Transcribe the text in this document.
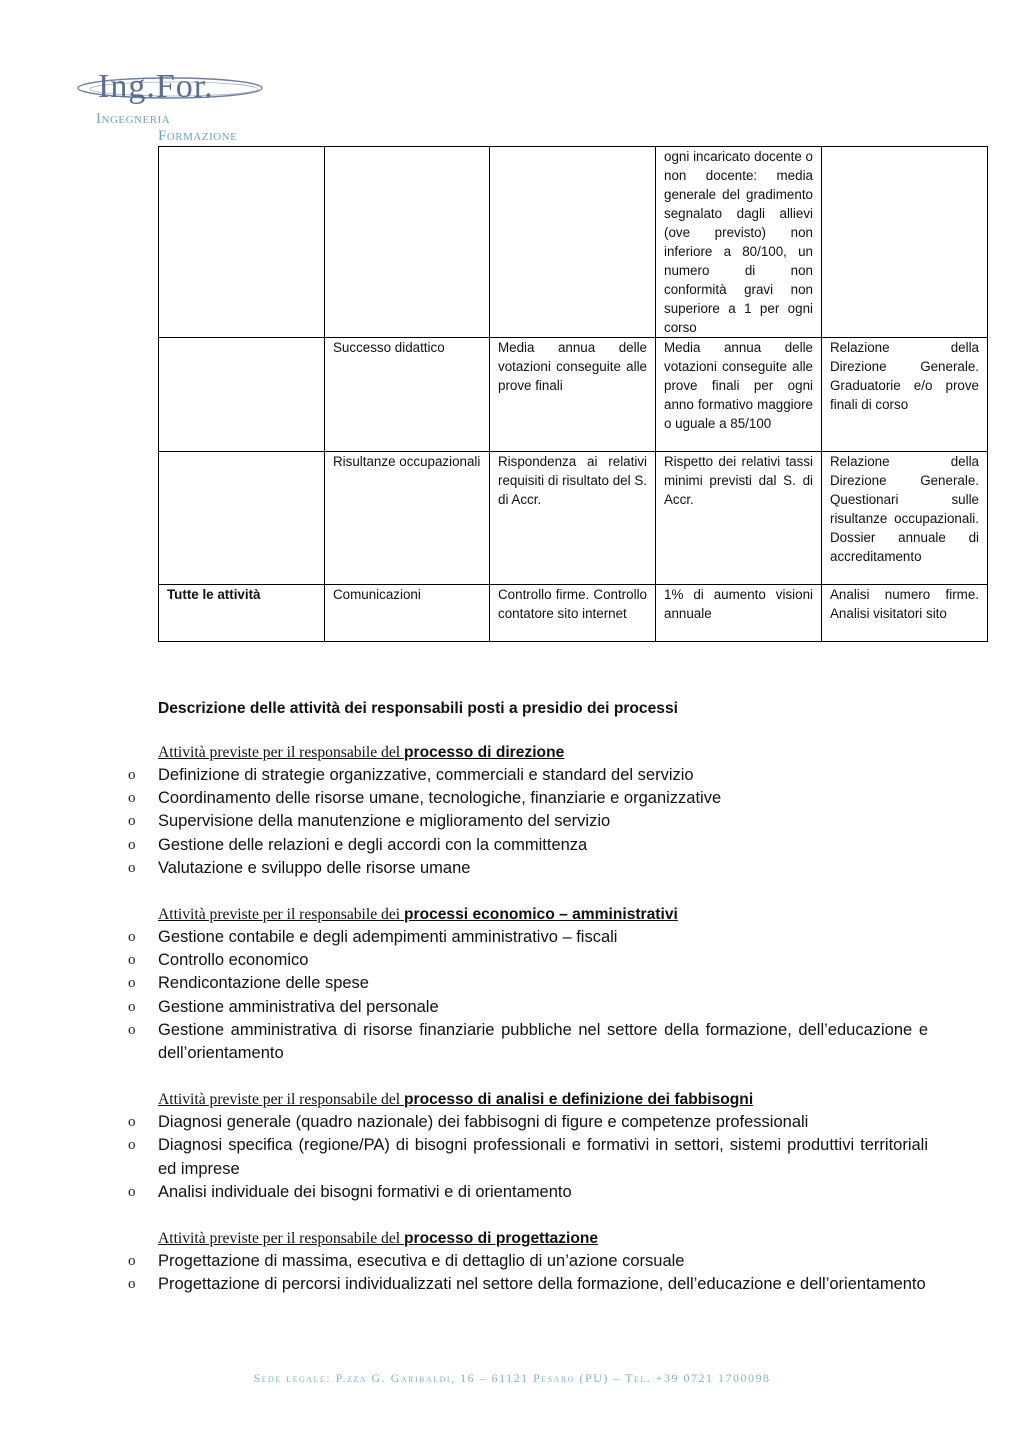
Ing.For.
Ingegneria
Formazione
			ogni incaricato docente o non docente: media generale del gradimento segnalato dagli allievi (ove previsto) non inferiore a 80/100, un numero di non conformità gravi non superiore a 1 per ogni corso	
	Successo didattico	Media annua delle votazioni conseguite alle prove finali	Media annua delle votazioni conseguite alle prove finali per ogni anno formativo maggiore o uguale a 85/100	Relazione della Direzione Generale. Graduatorie e/o prove finali di corso
	Risultanze occupazionali	Rispondenza ai relativi requisiti di risultato del S. di Accr.	Rispetto dei relativi tassi minimi previsti dal S. di Accr.	Relazione della Direzione Generale. Questionari sulle risultanze occupazionali. Dossier annuale di accreditamento
Tutte le attività	Comunicazioni	Controllo firme. Controllo contatore sito internet	1% di aumento visioni annuale	Analisi numero firme. Analisi visitatori sito

Descrizione delle attività dei responsabili posti a presidio dei processi

Attività previste per il responsabile del processo di direzione

o Definizione di strategie organizzative, commerciali e standard del servizio
o Coordinamento delle risorse umane, tecnologiche, finanziarie e organizzative
o Supervisione della manutenzione e miglioramento del servizio
o Gestione delle relazioni e degli accordi con la committenza
o Valutazione e sviluppo delle risorse umane

Attività previste per il responsabile dei processi economico – amministrativi

o Gestione contabile e degli adempimenti amministrativo – fiscali
o Controllo economico
o Rendicontazione delle spese
o Gestione amministrativa del personale
o Gestione amministrativa di risorse finanziarie pubbliche nel settore della formazione, dell’educazione e dell’orientamento

Attività previste per il responsabile del processo di analisi e definizione dei fabbisogni

o Diagnosi generale (quadro nazionale) dei fabbisogni di figure e competenze professionali
o Diagnosi specifica (regione/PA) di bisogni professionali e formativi in settori, sistemi produttivi territoriali ed imprese
o Analisi individuale dei bisogni formativi e di orientamento

Attività previste per il responsabile del processo di progettazione

o Progettazione di massima, esecutiva e di dettaglio di un’azione corsuale
o Progettazione di percorsi individualizzati nel settore della formazione, dell’educazione e dell’orientamento
Sede legale: P.zza G. Garibaldi, 16 – 61121 Pesaro (PU) – Tel. +39 0721 1700098
